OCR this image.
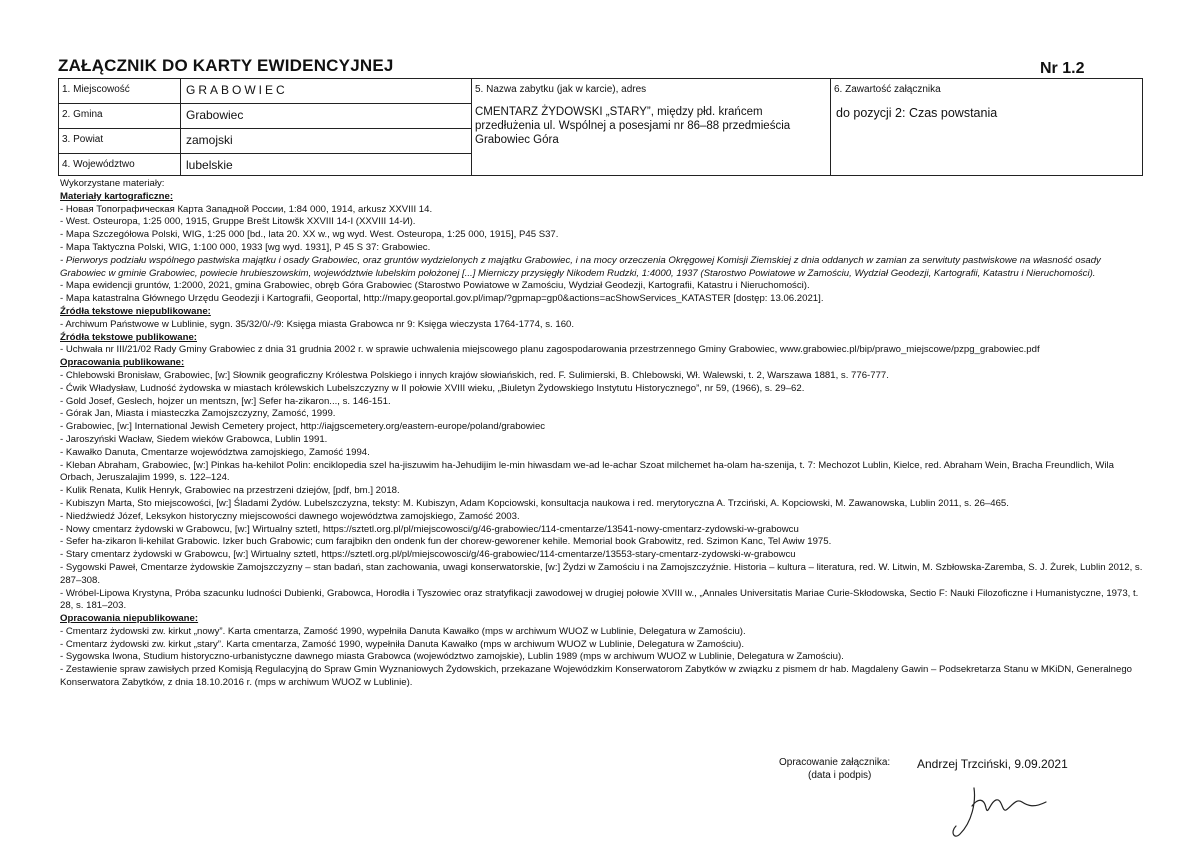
ZAŁĄCZNIK DO KARTY EWIDENCYJNEJ	Nr 1.2
1. Miejscowość	GRABOWIEC
2. Gmina	Grabowiec
3. Powiat	zamojski
4. Województwo	lubelskie
5. Nazwa zabytku (jak w karcie), adres
CMENTARZ ŻYDOWSKI „STARY”, między płd. krańcem przedłużenia ul. Wspólnej a posesjami nr 86–88 przedmieścia Grabowiec Góra
6. Zawartość załącznika
do pozycji 2: Czas powstania
Wykorzystane materiały:
Materiały kartograficzne:
- Новая Топографическая Карта Западной России, 1:84 000, 1914, arkusz XXVIII 14.
- West. Osteuropa, 1:25 000, 1915, Gruppe Brešt Litowšk XXVIII 14-I (XXVIII 14-И).
- Mapa Szczegółowa Polski, WIG, 1:25 000 [bd., lata 20. XX w., wg wyd. West. Osteuropa, 1:25 000, 1915], P45 S37.
- Mapa Taktyczna Polski, WIG, 1:100 000, 1933 [wg wyd. 1931], P 45 S 37: Grabowiec.
- Pierworys podziału wspólnego pastwiska majątku i osady Grabowiec, oraz gruntów wydzielonych z majątku Grabowiec, i na mocy orzeczenia Okręgowej Komisji Ziemskiej z dnia oddanych w zamian za serwituty pastwiskowe na własność osady Grabowiec w gminie Grabowiec, powiecie hrubieszowskim, województwie lubelskim położonej [...] Mierniczy przysięgły Nikodem Rudzki, 1:4000, 1937 (Starostwo Powiatowe w Zamościu, Wydział Geodezji, Kartografii, Katastru i Nieruchomości).
- Mapa ewidencji gruntów, 1:2000, 2021, gmina Grabowiec, obręb Góra Grabowiec (Starostwo Powiatowe w Zamościu, Wydział Geodezji, Kartografii, Katastru i Nieruchomości).
- Mapa katastralna Głównego Urzędu Geodezji i Kartografii, Geoportal, http://mapy.geoportal.gov.pl/imap/?gpmap=gp0&actions=acShowServices_KATASTER [dostęp: 13.06.2021].
Źródła tekstowe niepublikowane:
- Archiwum Państwowe w Lublinie, sygn. 35/32/0/-/9: Księga miasta Grabowca nr 9: Księga wieczysta 1764-1774, s. 160.
Źródła tekstowe publikowane:
- Uchwała nr III/21/02 Rady Gminy Grabowiec z dnia 31 grudnia 2002 r. w sprawie uchwalenia miejscowego planu zagospodarowania przestrzennego Gminy Grabowiec, www.grabowiec.pl/bip/prawo_miejscowe/pzpg_grabowiec.pdf
Opracowania publikowane:
- Chlebowski Bronisław, Grabowiec, [w:] Słownik geograficzny Królestwa Polskiego i innych krajów słowiańskich, red. F. Sulimierski, B. Chlebowski, Wł. Walewski, t. 2, Warszawa 1881, s. 776-777.
- Ćwik Władysław, Ludność żydowska w miastach królewskich Lubelszczyzny w II połowie XVIII wieku, „Biuletyn Żydowskiego Instytutu Historycznego”, nr 59, (1966), s. 29–62.
- Gold Josef, Geslech, hojzer un mentszn, [w:] Sefer ha-zikaron..., s. 146-151.
- Górak Jan, Miasta i miasteczka Zamojszczyzny, Zamość, 1999.
- Grabowiec, [w:] International Jewish Cemetery project, http://iajgscemetery.org/eastern-europe/poland/grabowiec
- Jaroszyński Wacław, Siedem wieków Grabowca, Lublin 1991.
- Kawałko Danuta, Cmentarze województwa zamojskiego, Zamość 1994.
- Kleban Abraham, Grabowiec, [w:] Pinkas ha-kehilot Polin: enciklopedia szel ha-jiszuwim ha-Jehudijim le-min hiwasdam we-ad le-achar Szoat milchemet ha-olam ha-szenija, t. 7: Mechozot Lublin, Kielce, red. Abraham Wein, Bracha Freundlich, Wila Orbach, Jeruszalajim 1999, s. 122–124.
- Kulik Renata, Kulik Henryk, Grabowiec na przestrzeni dziejów, [pdf, bm.] 2018.
- Kubiszyn Marta, Sto miejscowości, [w:] Śladami Żydów. Lubelszczyzna, teksty: M. Kubiszyn, Adam Kopciowski, konsultacja naukowa i red. merytoryczna A. Trzciński, A. Kopciowski, M. Zawanowska, Lublin 2011, s. 26–465.
- Niedźwiedź Józef, Leksykon historyczny miejscowości dawnego województwa zamojskiego, Zamość 2003.
- Nowy cmentarz żydowski w Grabowcu, [w:] Wirtualny sztetl, https://sztetl.org.pl/pl/miejscowosci/g/46-grabowiec/114-cmentarze/13541-nowy-cmentarz-zydowski-w-grabowcu
- Sefer ha-zikaron li-kehilat Grabowic. Izker buch Grabowic; cum farajbikn den ondenk fun der chorew-geworener kehile. Memorial book Grabowitz, red. Szimon Kanc, Tel Awiw 1975.
- Stary cmentarz żydowski w Grabowcu, [w:] Wirtualny sztetl, https://sztetl.org.pl/pl/miejscowosci/g/46-grabowiec/114-cmentarze/13553-stary-cmentarz-zydowski-w-grabowcu
- Sygowski Paweł, Cmentarze żydowskie Zamojszczyzny – stan badań, stan zachowania, uwagi konserwatorskie, [w:] Żydzi w Zamościu i na Zamojszczyźnie. Historia – kultura – literatura, red. W. Litwin, M. Szbłowska-Zaremba, S. J. Żurek, Lublin 2012, s. 287–308.
- Wróbel-Lipowa Krystyna, Próba szacunku ludności Dubienki, Grabowca, Horodła i Tyszowiec oraz stratyfikacji zawodowej w drugiej połowie XVIII w., „Annales Universitatis Mariae Curie-Skłodowska, Sectio F: Nauki Filozoficzne i Humanistyczne, 1973, t. 28, s. 181–203.
Opracowania niepublikowane:
- Cmentarz żydowski zw. kirkut „nowy”. Karta cmentarza, Zamość 1990, wypełniła Danuta Kawałko (mps w archiwum WUOZ w Lublinie, Delegatura w Zamościu).
- Cmentarz żydowski zw. kirkut „stary”. Karta cmentarza, Zamość 1990, wypełniła Danuta Kawałko (mps w archiwum WUOZ w Lublinie, Delegatura w Zamościu).
- Sygowska Iwona, Studium historyczno-urbanistyczne dawnego miasta Grabowca (województwo zamojskie), Lublin 1989 (mps w archiwum WUOZ w Lublinie, Delegatura w Zamościu).
- Zestawienie spraw zawisłych przed Komisją Regulacyjną do Spraw Gmin Wyznaniowych Żydowskich, przekazane Wojewódzkim Konserwatorom Zabytków w związku z pismem dr hab. Magdaleny Gawin – Podsekretarza Stanu w MKiDN, Generalnego Konserwatora Zabytków, z dnia 18.10.2016 r. (mps w archiwum WUOZ w Lublinie).
Opracowanie załącznika:
(data i podpis)
Andrzej Trzciński, 9.09.2021
